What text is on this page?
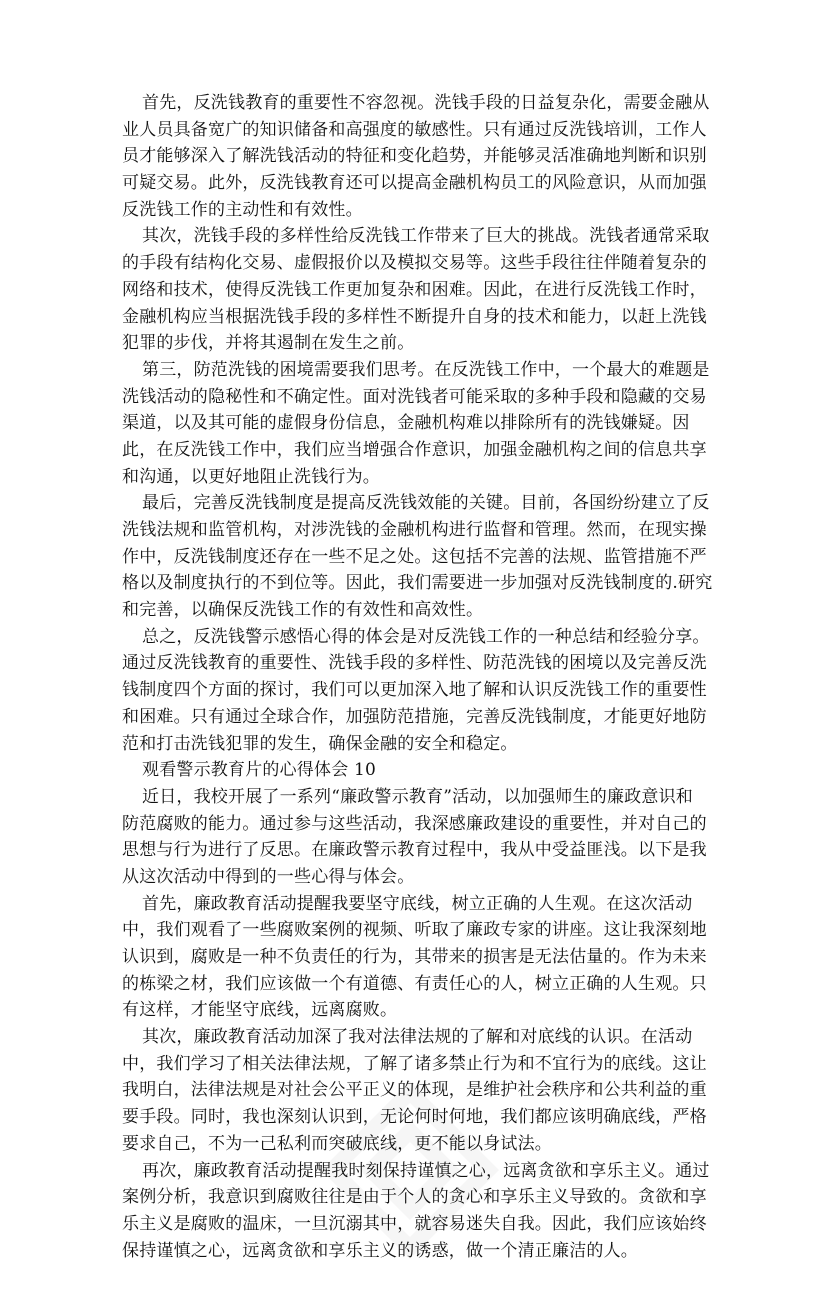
首先，反洗钱教育的重要性不容忽视。洗钱手段的日益复杂化，需要金融从
业人员具备宽广的知识储备和高强度的敏感性。只有通过反洗钱培训，工作人
员才能够深入了解洗钱活动的特征和变化趋势，并能够灵活准确地判断和识别
可疑交易。此外，反洗钱教育还可以提高金融机构员工的风险意识，从而加强
反洗钱工作的主动性和有效性。
其次，洗钱手段的多样性给反洗钱工作带来了巨大的挑战。洗钱者通常采取
的手段有结构化交易、虚假报价以及模拟交易等。这些手段往往伴随着复杂的
网络和技术，使得反洗钱工作更加复杂和困难。因此，在进行反洗钱工作时，
金融机构应当根据洗钱手段的多样性不断提升自身的技术和能力，以赶上洗钱
犯罪的步伐，并将其遏制在发生之前。
第三，防范洗钱的困境需要我们思考。在反洗钱工作中，一个最大的难题是
洗钱活动的隐秘性和不确定性。面对洗钱者可能采取的多种手段和隐藏的交易
渠道，以及其可能的虚假身份信息，金融机构难以排除所有的洗钱嫌疑。因
此，在反洗钱工作中，我们应当增强合作意识，加强金融机构之间的信息共享
和沟通，以更好地阻止洗钱行为。
最后，完善反洗钱制度是提高反洗钱效能的关键。目前，各国纷纷建立了反
洗钱法规和监管机构，对涉洗钱的金融机构进行监督和管理。然而，在现实操
作中，反洗钱制度还存在一些不足之处。这包括不完善的法规、监管措施不严
格以及制度执行的不到位等。因此，我们需要进一步加强对反洗钱制度的.研究
和完善，以确保反洗钱工作的有效性和高效性。
总之，反洗钱警示感悟心得的体会是对反洗钱工作的一种总结和经验分享。
通过反洗钱教育的重要性、洗钱手段的多样性、防范洗钱的困境以及完善反洗
钱制度四个方面的探讨，我们可以更加深入地了解和认识反洗钱工作的重要性
和困难。只有通过全球合作，加强防范措施，完善反洗钱制度，才能更好地防
范和打击洗钱犯罪的发生，确保金融的安全和稳定。
观看警示教育片的心得体会 10
近日，我校开展了一系列“廉政警示教育”活动，以加强师生的廉政意识和
防范腐败的能力。通过参与这些活动，我深感廉政建设的重要性，并对自己的
思想与行为进行了反思。在廉政警示教育过程中，我从中受益匪浅。以下是我
从这次活动中得到的一些心得与体会。
首先，廉政教育活动提醒我要坚守底线，树立正确的人生观。在这次活动
中，我们观看了一些腐败案例的视频、听取了廉政专家的讲座。这让我深刻地
认识到，腐败是一种不负责任的行为，其带来的损害是无法估量的。作为未来
的栋梁之材，我们应该做一个有道德、有责任心的人，树立正确的人生观。只
有这样，才能坚守底线，远离腐败。
其次，廉政教育活动加深了我对法律法规的了解和对底线的认识。在活动
中，我们学习了相关法律法规，了解了诸多禁止行为和不宜行为的底线。这让
我明白，法律法规是对社会公平正义的体现，是维护社会秩序和公共利益的重
要手段。同时，我也深刻认识到，无论何时何地，我们都应该明确底线，严格
要求自己，不为一己私利而突破底线，更不能以身试法。
再次，廉政教育活动提醒我时刻保持谨慎之心，远离贪欲和享乐主义。通过
案例分析，我意识到腐败往往是由于个人的贪心和享乐主义导致的。贪欲和享
乐主义是腐败的温床，一旦沉溺其中，就容易迷失自我。因此，我们应该始终
保持谨慎之心，远离贪欲和享乐主义的诱惑，做一个清正廉洁的人。
